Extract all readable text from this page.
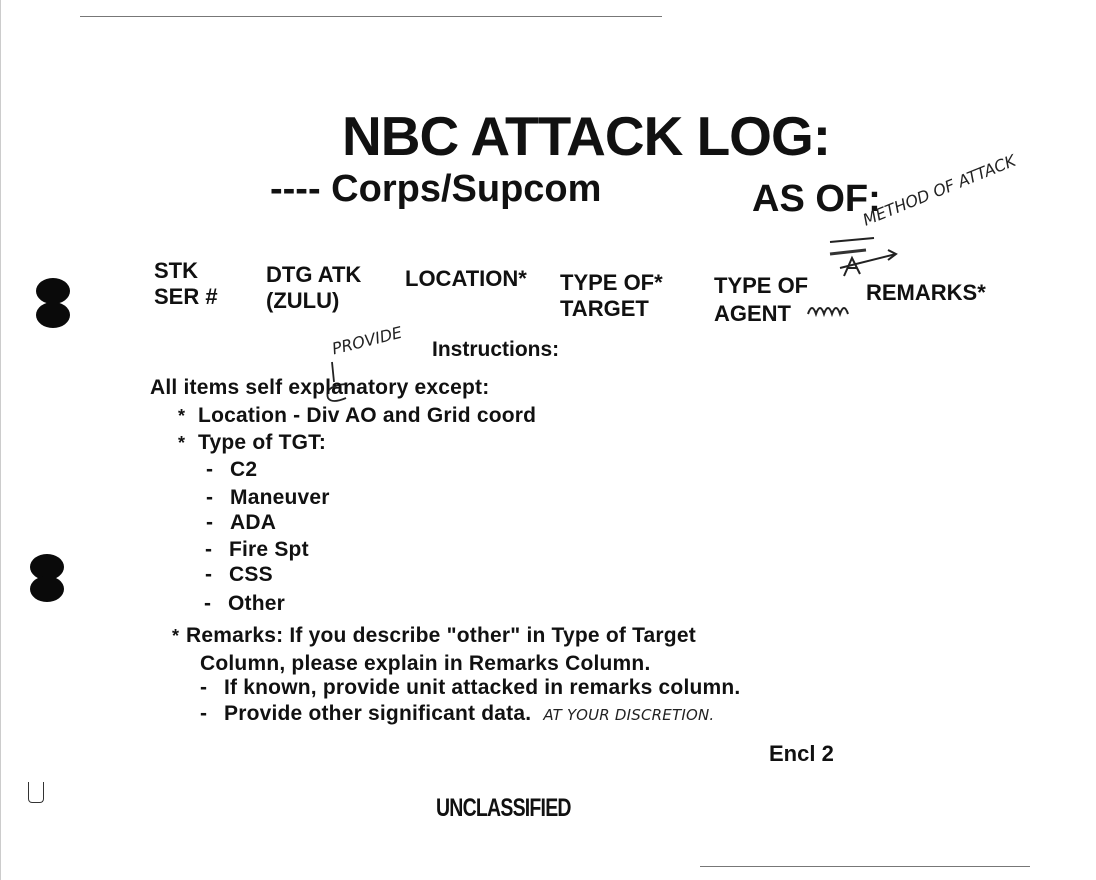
NBC ATTACK LOG:
---- Corps/Supcom	AS OF:
STK
SER #
DTG ATK
(ZULU)
LOCATION* TYPE OF*
TARGET
TYPE OF
AGENT
REMARKS*
METHOD OF ATTACK
PROVIDE Instructions:
All items self explanatory except:
* Location - Div AO and Grid coord
* Type of TGT:
- C2
- Maneuver
- ADA
- Fire Spt
- CSS
- Other
* Remarks: If you describe "other" in Type of Target
Column, please explain in Remarks Column.
- If known, provide unit attacked in remarks column.
- Provide other significant data. AT YOUR DISCRETION.
Encl 2
UNCLASSIFIED
